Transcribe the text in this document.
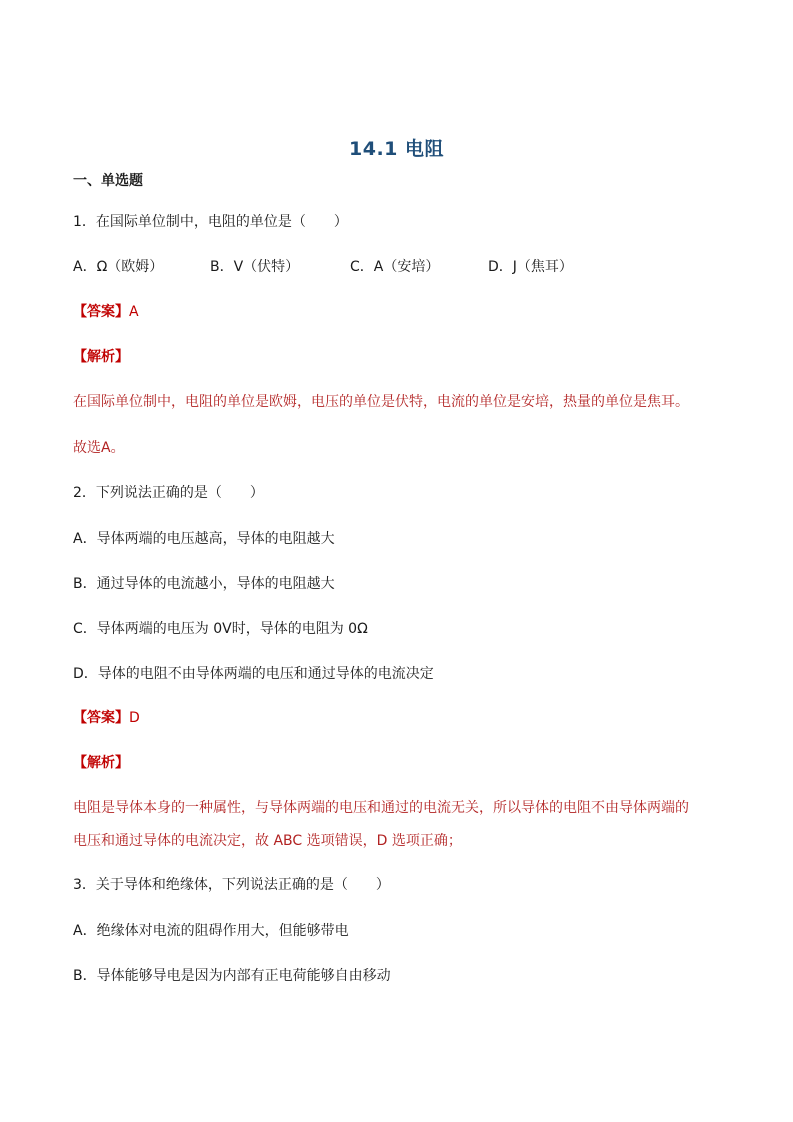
14.1 电阻
一、单选题
1．在国际单位制中，电阻的单位是（　　）
A．Ω（欧姆）	B．V（伏特）	C．A（安培）	D．J（焦耳）
【答案】A
【解析】
在国际单位制中，电阻的单位是欧姆，电压的单位是伏特，电流的单位是安培，热量的单位是焦耳。
故选A。
2．下列说法正确的是（　　）
A．导体两端的电压越高，导体的电阻越大
B．通过导体的电流越小，导体的电阻越大
C．导体两端的电压为 0V时，导体的电阻为 0Ω
D．导体的电阻不由导体两端的电压和通过导体的电流决定
【答案】D
【解析】
电阻是导体本身的一种属性，与导体两端的电压和通过的电流无关，所以导体的电阻不由导体两端的
电压和通过导体的电流决定，故 ABC 选项错误，D 选项正确；
3．关于导体和绝缘体，下列说法正确的是（　　）
A．绝缘体对电流的阻碍作用大，但能够带电
B．导体能够导电是因为内部有正电荷能够自由移动
